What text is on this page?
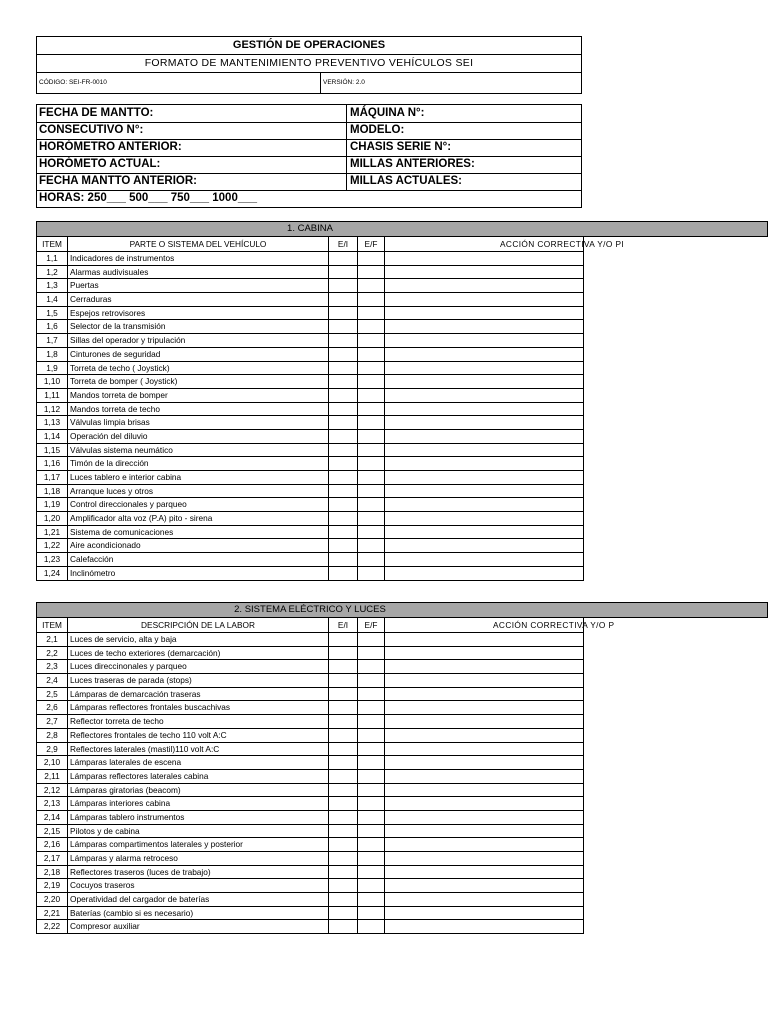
GESTIÓN DE OPERACIONES
FORMATO DE MANTENIMIENTO PREVENTIVO VEHÍCULOS SEI
CÓDIGO: SEI-FR-0010	VERSIÓN: 2.0
FECHA DE MANTTO:	MÁQUINA N°:
CONSECUTIVO N°:	MODELO:
HORÓMETRO ANTERIOR:	CHASIS SERIE N°:
HORÓMETO ACTUAL:	MILLAS ANTERIORES:
FECHA MANTTO ANTERIOR:	MILLAS ACTUALES:
HORAS: 250___ 500___ 750___ 1000___
1. CABINA
ITEM	PARTE O SISTEMA DEL VEHÍCULO	E/I	E/F	ACCIÓN CORRECTIVA Y/O PI
1,1	Indicadores de instrumentos
1,2	Alarmas audivisuales
1,3	Puertas
1,4	Cerraduras
1,5	Espejos retrovisores
1,6	Selector de la transmisión
1,7	Sillas del operador y tripulación
1,8	Cinturones de seguridad
1,9	Torreta de techo ( Joystick)
1,10	Torreta de bomper ( Joystick)
1,11	Mandos torreta de bomper
1,12	Mandos torreta de techo
1,13	Válvulas limpia brisas
1,14	Operación del diluvio
1,15	Válvulas sistema neumático
1,16	Timón de la dirección
1,17	Luces tablero e interior cabina
1,18	Arranque luces y otros
1,19	Control direccionales y parqueo
1,20	Amplificador alta voz (P.A) pito - sirena
1,21	Sistema de comunicaciones
1,22	Aire acondicionado
1,23	Calefacción
1,24	Inclinómetro
2. SISTEMA ELÉCTRICO Y LUCES
ITEM	DESCRIPCIÓN DE LA LABOR	E/I	E/F	ACCIÓN CORRECTIVA Y/O P
2,1	Luces de servicio, alta y baja
2,2	Luces de techo exteriores (demarcación)
2,3	Luces direccinonales y parqueo
2,4	Luces traseras de parada (stops)
2,5	Lámparas de demarcación traseras
2,6	Lámparas reflectores frontales buscachivas
2,7	Reflector torreta de techo
2,8	Reflectores frontales de techo 110 volt A:C
2,9	Reflectores laterales (mastil)110 volt A:C
2,10	Lámparas laterales de escena
2,11	Lámparas reflectores laterales cabina
2,12	Lámparas giratorias (beacom)
2,13	Lámparas interiores cabina
2,14	Lámparas tablero instrumentos
2,15	Pilotos y de cabina
2,16	Lámparas compartimentos laterales y posterior
2,17	Lámparas y alarma retroceso
2,18	Reflectores traseros (luces de trabajo)
2,19	Cocuyos traseros
2,20	Operatividad del cargador de baterías
2,21	Baterías (cambio si es necesario)
2,22	Compresor auxiliar
